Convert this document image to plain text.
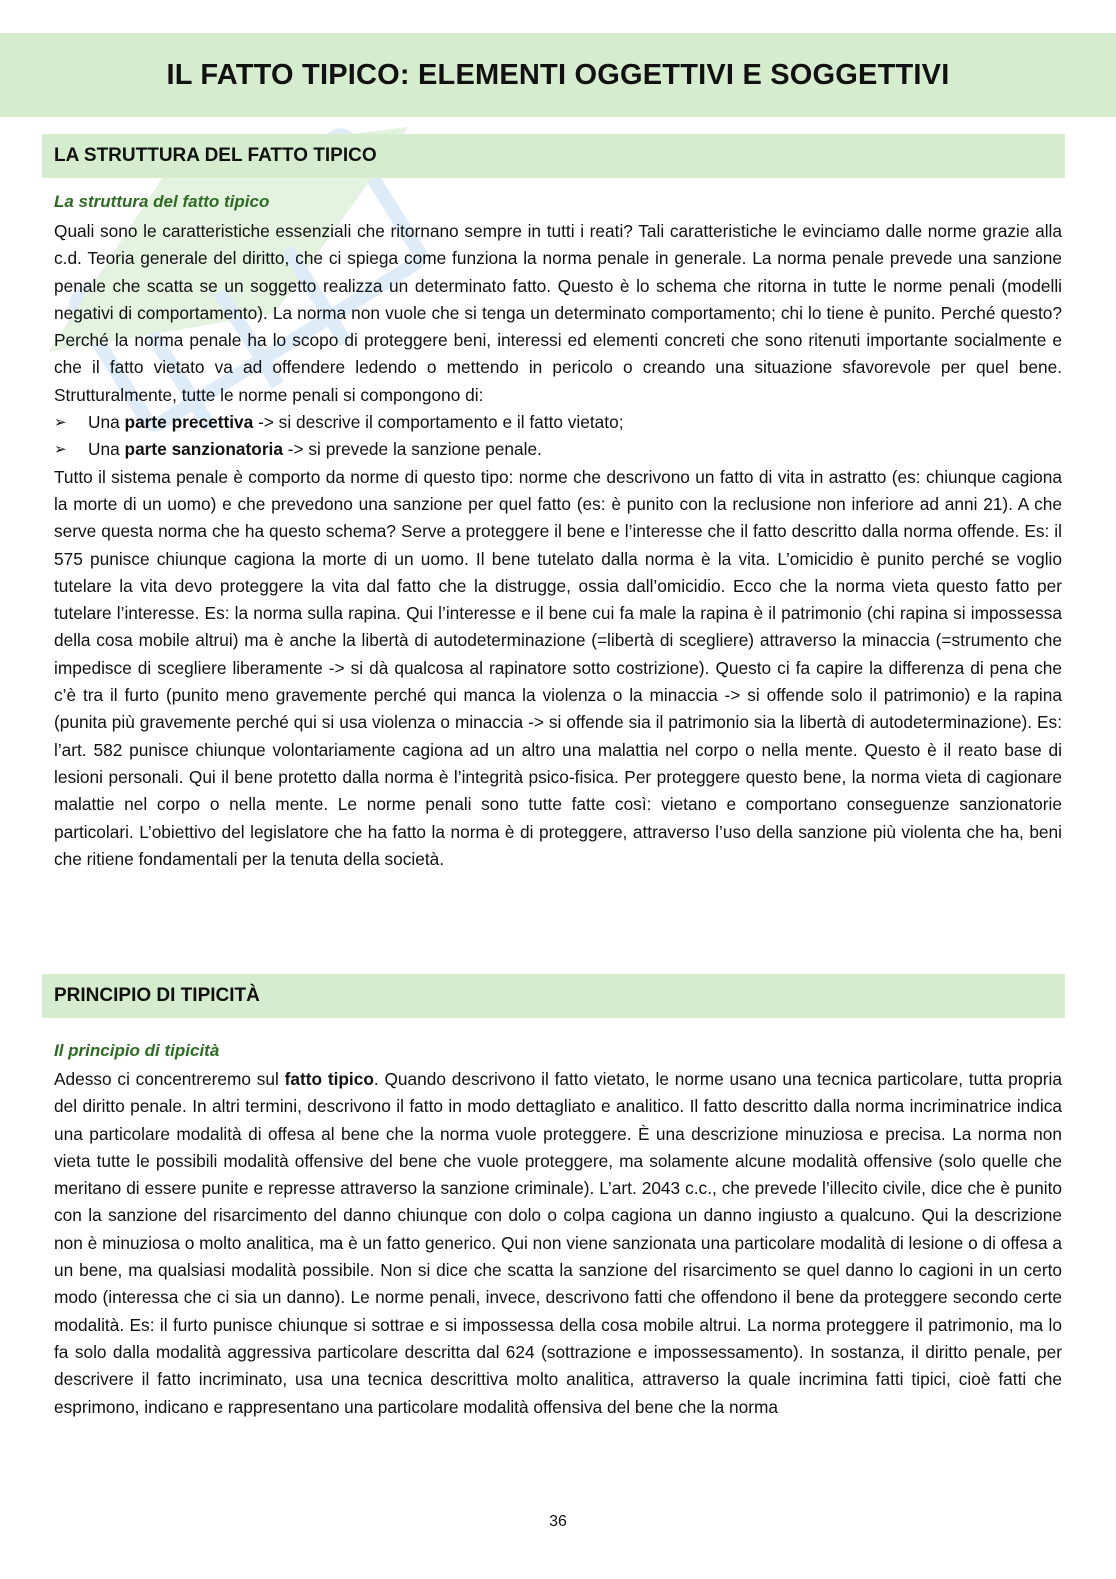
IL FATTO TIPICO: ELEMENTI OGGETTIVI E SOGGETTIVI
LA STRUTTURA DEL FATTO TIPICO
La struttura del fatto tipico

Quali sono le caratteristiche essenziali che ritornano sempre in tutti i reati? Tali caratteristiche le evinciamo dalle norme grazie alla c.d. Teoria generale del diritto, che ci spiega come funziona la norma penale in generale. La norma penale prevede una sanzione penale che scatta se un soggetto realizza un determinato fatto. Questo è lo schema che ritorna in tutte le norme penali (modelli negativi di comportamento). La norma non vuole che si tenga un determinato comportamento; chi lo tiene è punito. Perché questo? Perché la norma penale ha lo scopo di proteggere beni, interessi ed elementi concreti che sono ritenuti importante socialmente e che il fatto vietato va ad offendere ledendo o mettendo in pericolo o creando una situazione sfavorevole per quel bene. Strutturalmente, tutte le norme penali si compongono di:

➢ Una parte precettiva -> si descrive il comportamento e il fatto vietato;
➢ Una parte sanzionatoria -> si prevede la sanzione penale.

Tutto il sistema penale è comporto da norme di questo tipo: norme che descrivono un fatto di vita in astratto (es: chiunque cagiona la morte di un uomo) e che prevedono una sanzione per quel fatto (es: è punito con la reclusione non inferiore ad anni 21). A che serve questa norma che ha questo schema? Serve a proteggere il bene e l’interesse che il fatto descritto dalla norma offende. Es: il 575 punisce chiunque cagiona la morte di un uomo. Il bene tutelato dalla norma è la vita. L’omicidio è punito perché se voglio tutelare la vita devo proteggere la vita dal fatto che la distrugge, ossia dall’omicidio. Ecco che la norma vieta questo fatto per tutelare l’interesse. Es: la norma sulla rapina. Qui l’interesse e il bene cui fa male la rapina è il patrimonio (chi rapina si impossessa della cosa mobile altrui) ma è anche la libertà di autodeterminazione (=libertà di scegliere) attraverso la minaccia (=strumento che impedisce di scegliere liberamente -> si dà qualcosa al rapinatore sotto costrizione). Questo ci fa capire la differenza di pena che c’è tra il furto (punito meno gravemente perché qui manca la violenza o la minaccia -> si offende solo il patrimonio) e la rapina (punita più gravemente perché qui si usa violenza o minaccia -> si offende sia il patrimonio sia la libertà di autodeterminazione). Es: l’art. 582 punisce chiunque volontariamente cagiona ad un altro una malattia nel corpo o nella mente. Questo è il reato base di lesioni personali. Qui il bene protetto dalla norma è l’integrità psico-fisica. Per proteggere questo bene, la norma vieta di cagionare malattie nel corpo o nella mente. Le norme penali sono tutte fatte così: vietano e comportano conseguenze sanzionatorie particolari. L’obiettivo del legislatore che ha fatto la norma è di proteggere, attraverso l’uso della sanzione più violenta che ha, beni che ritiene fondamentali per la tenuta della società.

PRINCIPIO DI TIPICITÀ
Il principio di tipicità

Adesso ci concentreremo sul fatto tipico. Quando descrivono il fatto vietato, le norme usano una tecnica particolare, tutta propria del diritto penale. In altri termini, descrivono il fatto in modo dettagliato e analitico. Il fatto descritto dalla norma incriminatrice indica una particolare modalità di offesa al bene che la norma vuole proteggere. È una descrizione minuziosa e precisa. La norma non vieta tutte le possibili modalità offensive del bene che vuole proteggere, ma solamente alcune modalità offensive (solo quelle che meritano di essere punite e represse attraverso la sanzione criminale). L’art. 2043 c.c., che prevede l’illecito civile, dice che è punito con la sanzione del risarcimento del danno chiunque con dolo o colpa cagiona un danno ingiusto a qualcuno. Qui la descrizione non è minuziosa o molto analitica, ma è un fatto generico. Qui non viene sanzionata una particolare modalità di lesione o di offesa a un bene, ma qualsiasi modalità possibile. Non si dice che scatta la sanzione del risarcimento se quel danno lo cagioni in un certo modo (interessa che ci sia un danno). Le norme penali, invece, descrivono fatti che offendono il bene da proteggere secondo certe modalità. Es: il furto punisce chiunque si sottrae e si impossessa della cosa mobile altrui. La norma proteggere il patrimonio, ma lo fa solo dalla modalità aggressiva particolare descritta dal 624 (sottrazione e impossessamento). In sostanza, il diritto penale, per descrivere il fatto incriminato, usa una tecnica descrittiva molto analitica, attraverso la quale incrimina fatti tipici, cioè fatti che esprimono, indicano e rappresentano una particolare modalità offensiva del bene che la norma

36
